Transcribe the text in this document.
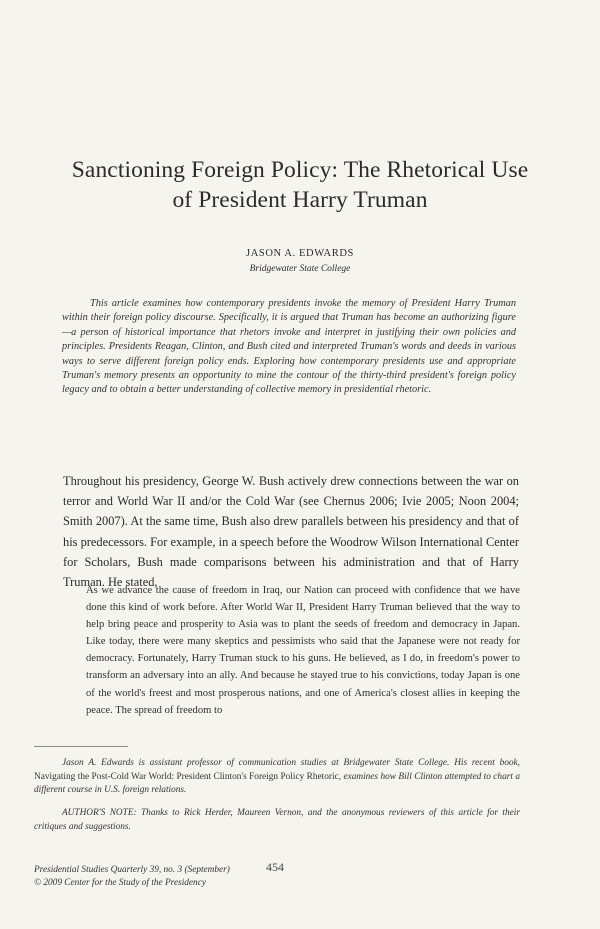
Sanctioning Foreign Policy: The Rhetorical Use
of President Harry Truman
JASON A. EDWARDS
Bridgewater State College
This article examines how contemporary presidents invoke the memory of President Harry Truman within their foreign policy discourse. Specifically, it is argued that Truman has become an authorizing figure—a person of historical importance that rhetors invoke and interpret in justifying their own policies and principles. Presidents Reagan, Clinton, and Bush cited and interpreted Truman's words and deeds in various ways to serve different foreign policy ends. Exploring how contemporary presidents use and appropriate Truman's memory presents an opportunity to mine the contour of the thirty-third president's foreign policy legacy and to obtain a better understanding of collective memory in presidential rhetoric.
Throughout his presidency, George W. Bush actively drew connections between the war on terror and World War II and/or the Cold War (see Chernus 2006; Ivie 2005; Noon 2004; Smith 2007). At the same time, Bush also drew parallels between his presidency and that of his predecessors. For example, in a speech before the Woodrow Wilson International Center for Scholars, Bush made comparisons between his administration and that of Harry Truman. He stated,
As we advance the cause of freedom in Iraq, our Nation can proceed with confidence that we have done this kind of work before. After World War II, President Harry Truman believed that the way to help bring peace and prosperity to Asia was to plant the seeds of freedom and democracy in Japan. Like today, there were many skeptics and pessimists who said that the Japanese were not ready for democracy. Fortunately, Harry Truman stuck to his guns. He believed, as I do, in freedom's power to transform an adversary into an ally. And because he stayed true to his convictions, today Japan is one of the world's freest and most prosperous nations, and one of America's closest allies in keeping the peace. The spread of freedom to
Jason A. Edwards is assistant professor of communication studies at Bridgewater State College. His recent book, Navigating the Post-Cold War World: President Clinton's Foreign Policy Rhetoric, examines how Bill Clinton attempted to chart a different course in U.S. foreign relations.
AUTHOR'S NOTE: Thanks to Rick Herder, Maureen Vernon, and the anonymous reviewers of this article for their critiques and suggestions.
Presidential Studies Quarterly 39, no. 3 (September)
© 2009 Center for the Study of the Presidency
454
